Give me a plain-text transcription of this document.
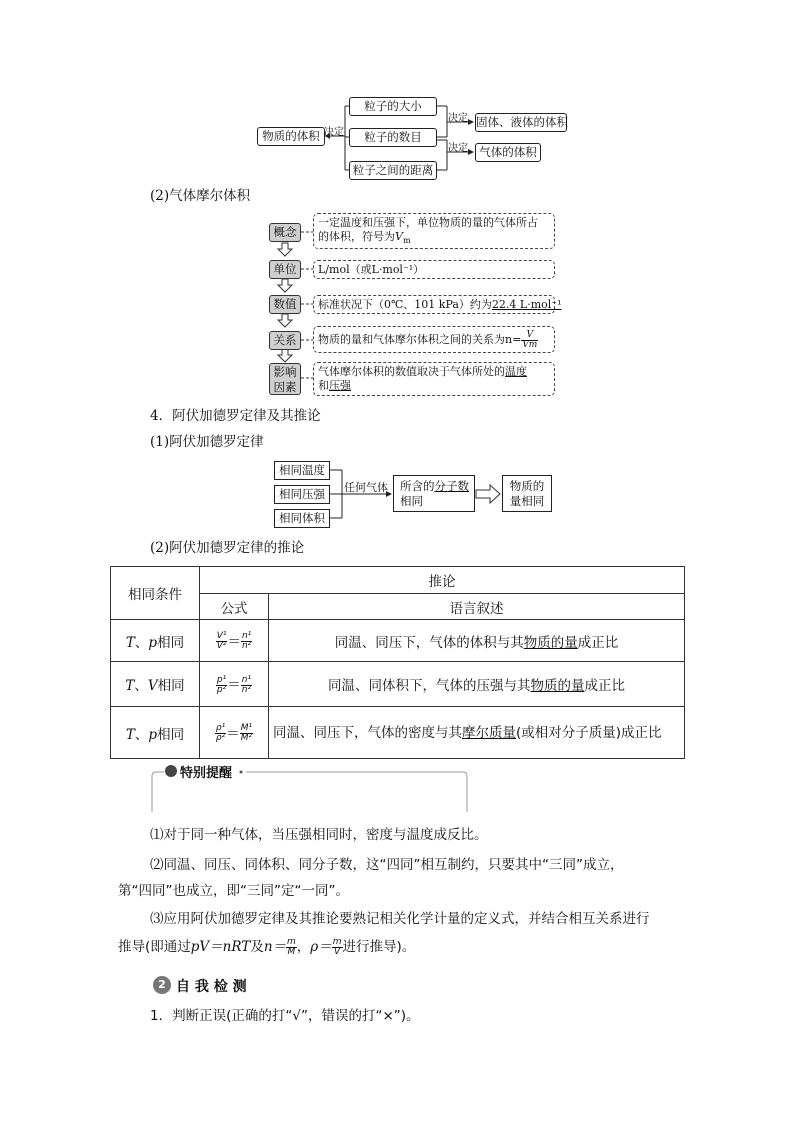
物质的体积 决定
粒子的大小
粒子的数目
粒子之间的距离
决定
决定
固体、液体的体积
气体的体积
(2)气体摩尔体积
概念
一定温度和压强下，单位物质的量的气体所占
的体积，符号为$V_m$
单位	L/mol（或L·mol⁻¹）
数值	标准状况下（0℃、101 kPa）约为22.4 L·mol⁻¹
关系	物质的量和气体摩尔体积之间的关系为$n= \frac{V}{Vm}$
影响
因素
气体摩尔体积的数值取决于气体所处的温度
和压强
4．阿伏加德罗定律及其推论
(1)阿伏加德罗定律
相同温度
相同压强
相同体积
任何气体	所含的分子数
相同
物质的
量相同
(2)阿伏加德罗定律的推论
相同条件	推论	
	公式	语言叙述
T、p相同	$\frac{\text{V¹}}{\text{V²}} = \frac{\text{n¹}}{\text{n²}}$	同温、同压下，气体的体积与其物质的量成正比
T、V相同	$\frac{\text{p¹}}{\text{p²}} = \frac{\text{n¹}}{\text{n²}}$	同温、同体积下，气体的压强与其物质的量成正比
T、p相同	$\frac{\text{ρ¹}}{\text{ρ²}} = \frac{\text{M¹}}{\text{M²}}$	同温、同压下，气体的密度与其摩尔质量(或相对分子质量)成正比
特别提醒
⑴对于同一种气体，当压强相同时，密度与温度成反比。
⑵同温、同压、同体积、同分子数，这“四同”相互制约，只要其中“三同”成立，
第“四同”也成立，即“三同”定“一同”。
⑶应用阿伏加德罗定律及其推论要熟记相关化学计量的定义式，并结合相互关系进行
推导(即通过pV＝nRT及$n= \frac{m}{M}$ ，$\rho= \frac{m}{V}$ 进行推导)。
2 自 我 检 测
1．判断正误(正确的打“√”，错误的打“×”)。
